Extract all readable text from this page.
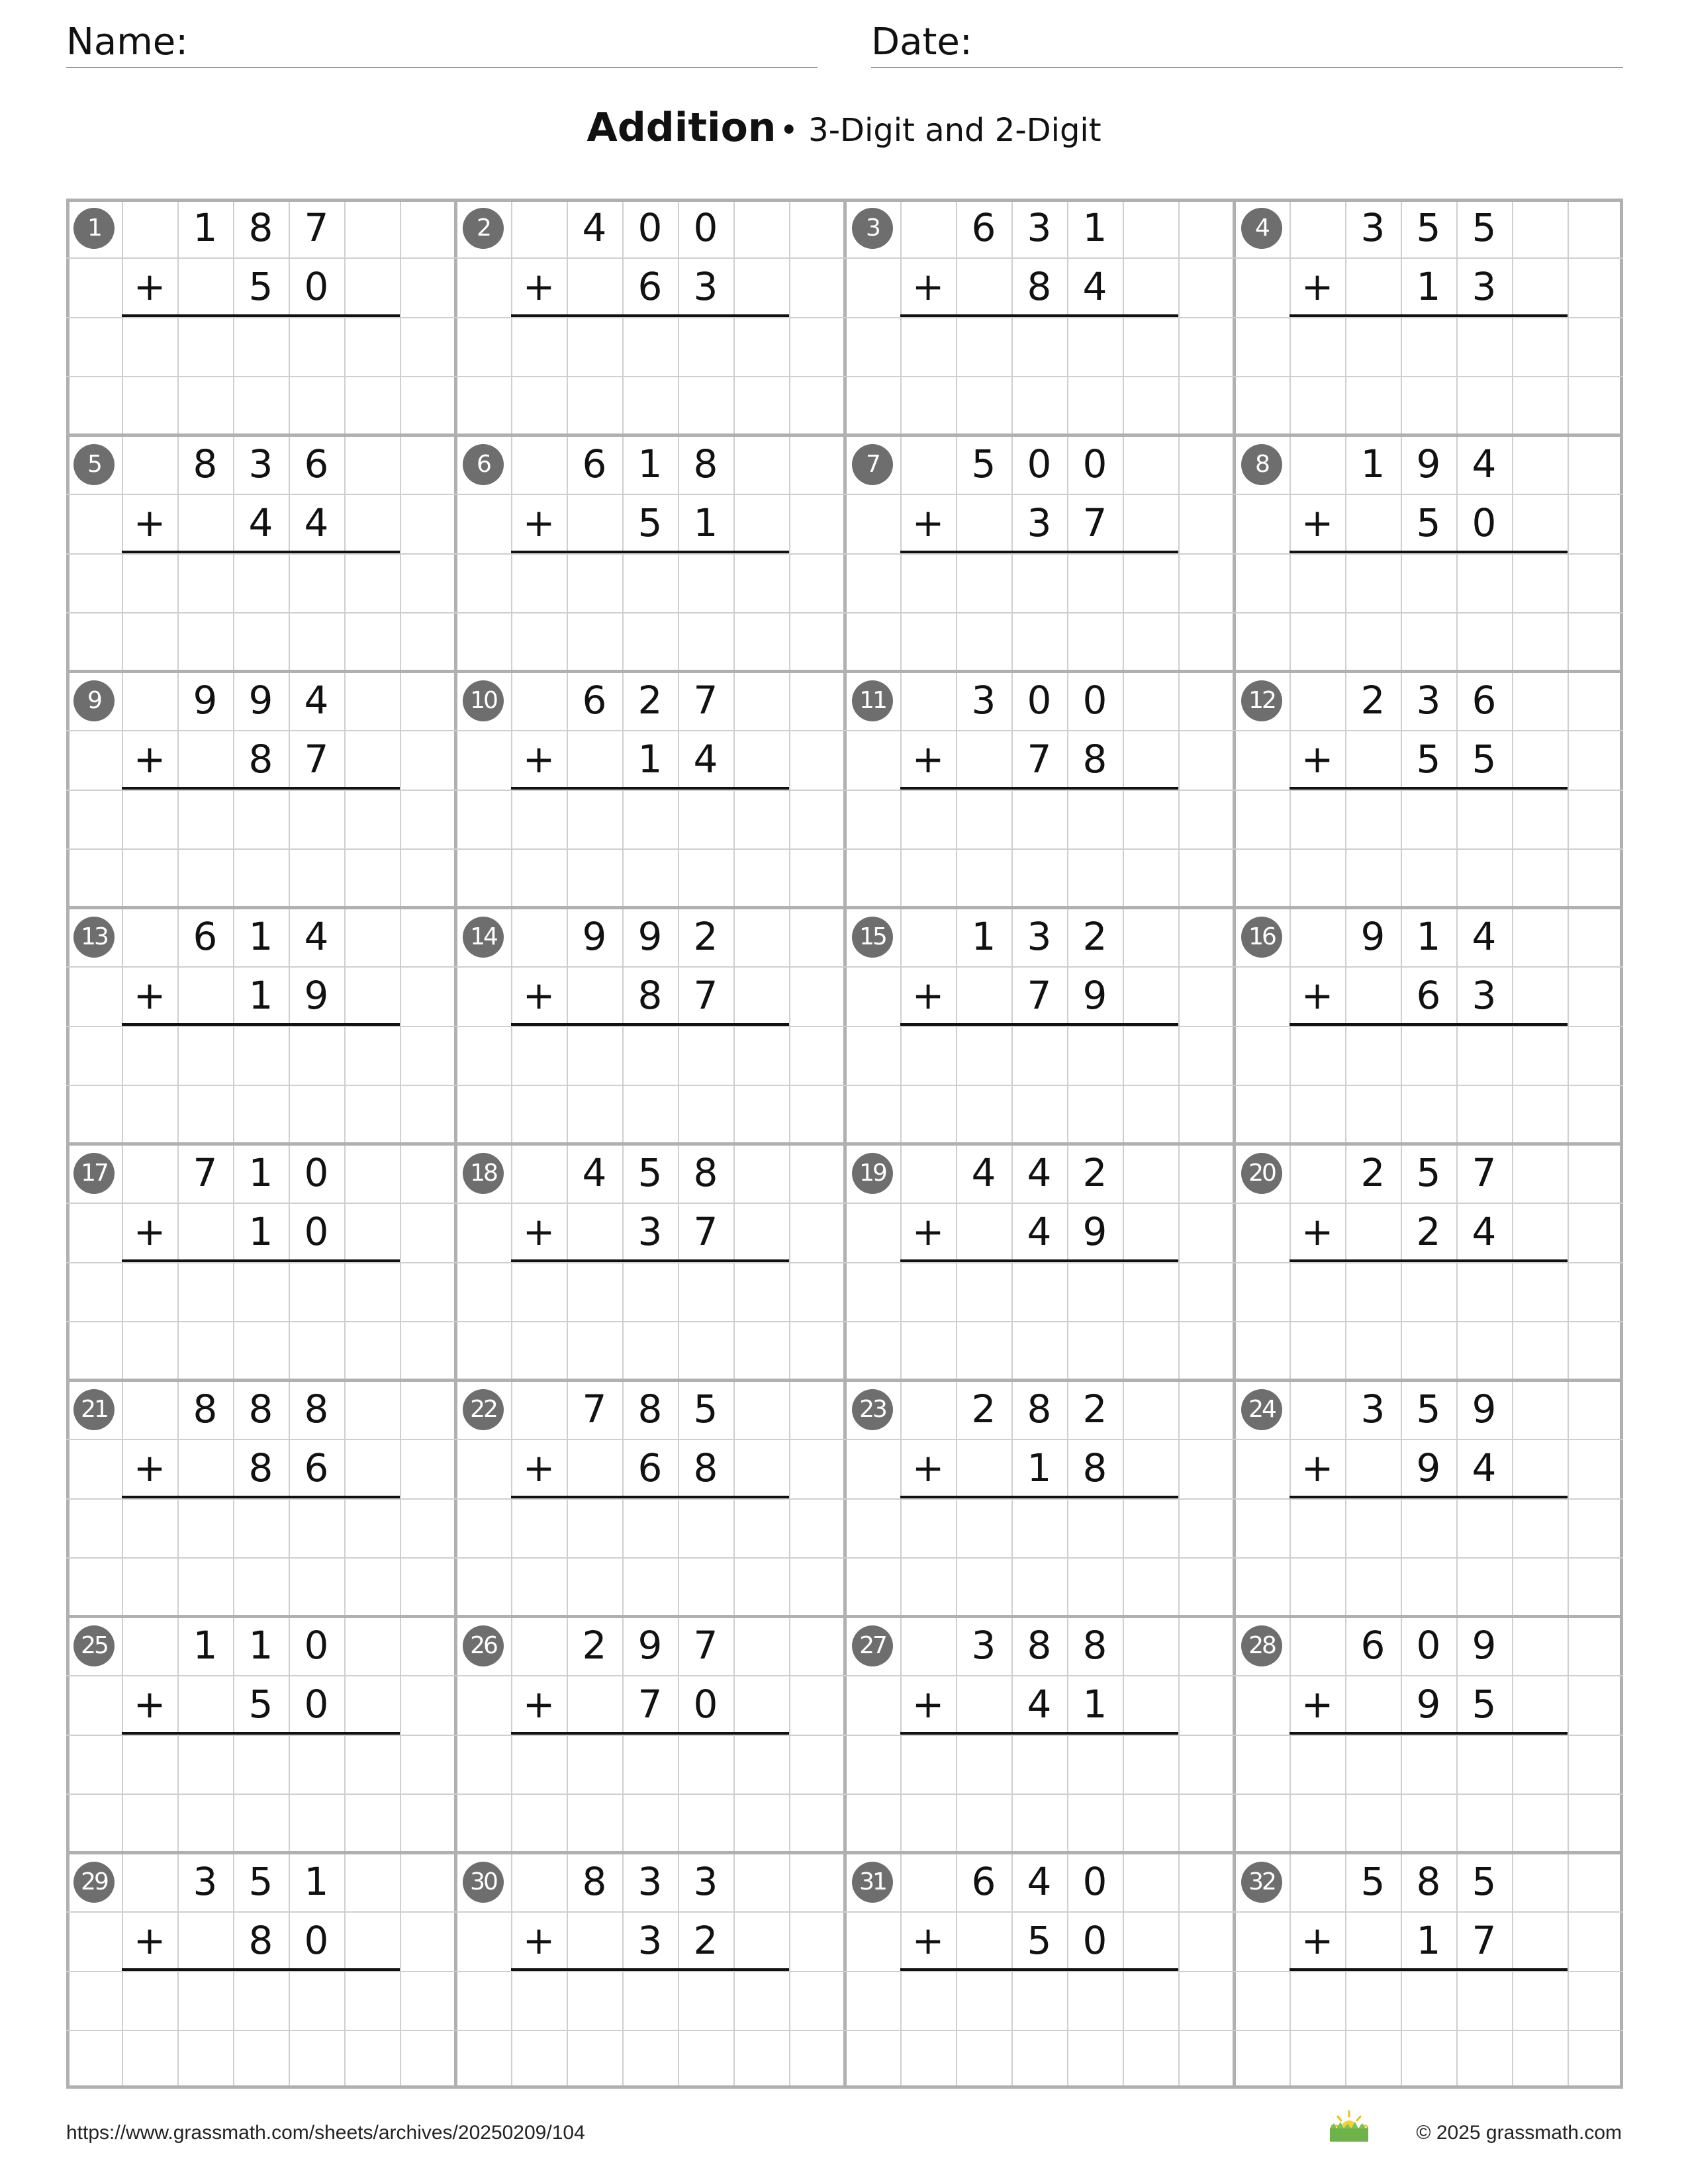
Name:	Date:
Addition • 3-Digit and 2-Digit
1	1 8 7
+	5 0
2	4 0 0
+	6 3
3	6 3 1
+	8 4
4	3 5 5
+	1 3
5	8 3 6
+	4 4
6	6 1 8
+	5 1
7	5 0 0
+	3 7
8	1 9 4
+	5 0
9	9 9 4
+	8 7
10	6 2 7
+	1 4
11	3 0 0
+	7 8
12	2 3 6
+	5 5
13	6 1 4
+	1 9
14	9 9 2
+	8 7
15	1 3 2
+	7 9
16	9 1 4
+	6 3
17	7 1 0
+	1 0
18	4 5 8
+	3 7
19	4 4 2
+	4 9
20	2 5 7
+	2 4
21	8 8 8
+	8 6
22	7 8 5
+	6 8
23	2 8 2
+	1 8
24	3 5 9
+	9 4
25	1 1 0
+	5 0
26	2 9 7
+	7 0
27	3 8 8
+	4 1
28	6 0 9
+	9 5
29	3 5 1
+	8 0
30	8 3 3
+	3 2
31	6 4 0
+	5 0
32	5 8 5
+	1 7
https://www.grassmath.com/sheets/archives/20250209/104	© 2025 grassmath.com
